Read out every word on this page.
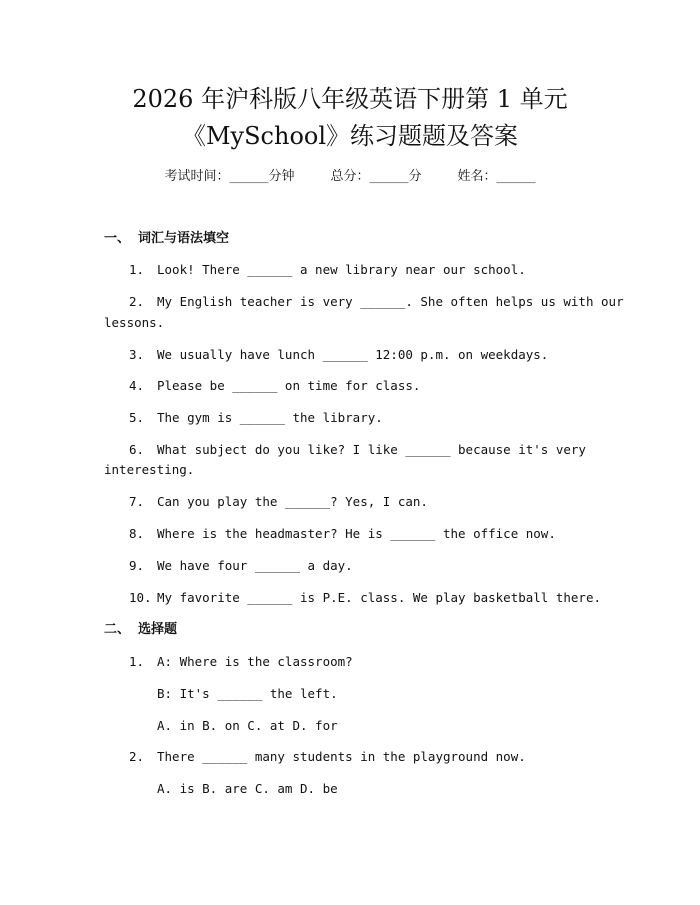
2026 年沪科版八年级英语下册第 1 单元
《MySchool》练习题题及答案
考试时间：______分钟	总分：______分	姓名：______
一、 词汇与语法填空
1. Look! There ______ a new library near our school.
2. My English teacher is very ______. She often helps us with our
lessons.
3. We usually have lunch ______ 12:00 p.m. on weekdays.
4. Please be ______ on time for class.
5. The gym is ______ the library.
6. What subject do you like? I like ______ because it's very
interesting.
7. Can you play the ______? Yes, I can.
8. Where is the headmaster? He is ______ the office now.
9. We have four ______ a day.
10. My favorite ______ is P.E. class. We play basketball there.
二、 选择题
1. A: Where is the classroom?
B: It's ______ the left.
A. in B. on C. at D. for
2. There ______ many students in the playground now.
A. is B. are C. am D. be
